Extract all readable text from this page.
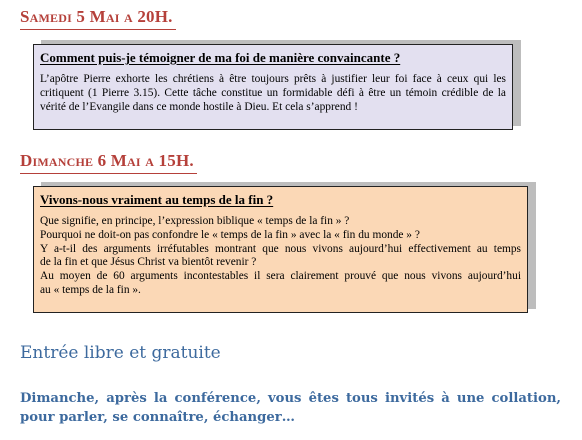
Samedi 5 Mai a 20H.
Comment puis-je témoigner de ma foi de manière convaincante ?
L’apôtre Pierre exhorte les chrétiens à être toujours prêts à justifier leur foi face à ceux qui les critiquent (1 Pierre 3.15). Cette tâche constitue un formidable défi à être un témoin crédible de la vérité de l’Evangile dans ce monde hostile à Dieu. Et cela s’apprend !
Dimanche 6 Mai a 15H.
Vivons-nous vraiment au temps de la fin ?
Que signifie, en principe, l’expression biblique « temps de la fin » ?
Pourquoi ne doit-on pas confondre le « temps de la fin » avec la « fin du monde » ?
Y a-t-il des arguments irréfutables montrant que nous vivons aujourd’hui effectivement au temps
de la fin et que Jésus Christ va bientôt revenir ?
Au moyen de 60 arguments incontestables il sera clairement prouvé que nous vivons aujourd’hui
au « temps de la fin ».
Entrée libre et gratuite
Dimanche, après la conférence, vous êtes tous invités à une collation, pour parler, se connaître, échanger…
